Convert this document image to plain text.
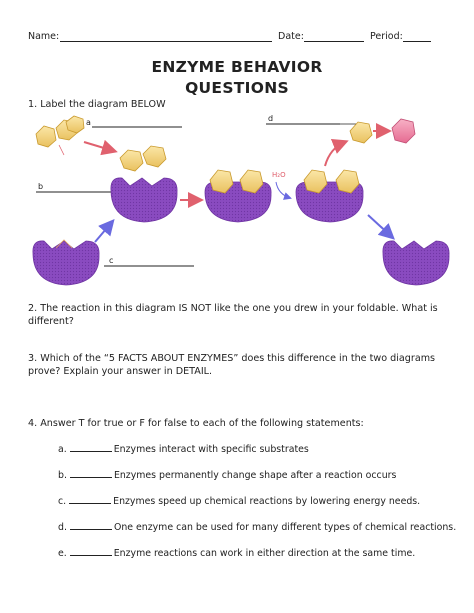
Name:	Date:	Period:
ENZYME BEHAVIOR
QUESTIONS
1. Label the diagram BELOW
a
b
H₂O
d
c
2. The reaction in this diagram IS NOT like the one you drew in your foldable. What is different?
3. Which of the “5 FACTS ABOUT ENZYMES” does this difference in the two diagrams prove? Explain your answer in DETAIL.
4. Answer T for true or F for false to each of the following statements:
a.	Enzymes interact with specific substrates
b.	Enzymes permanently change shape after a reaction occurs
c.	Enzymes speed up chemical reactions by lowering energy needs.
d.	One enzyme can be used for many different types of chemical reactions.
e.	Enzyme reactions can work in either direction at the same time.
